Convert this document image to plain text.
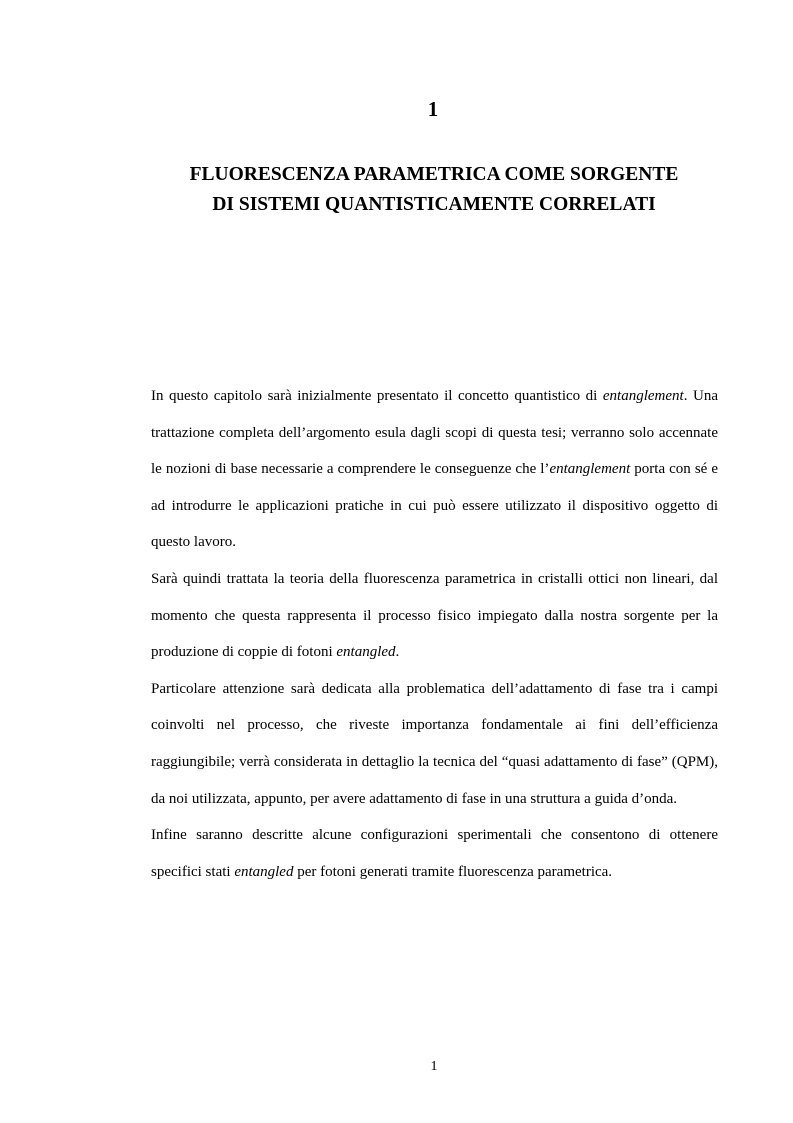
1
FLUORESCENZA PARAMETRICA COME SORGENTE
DI SISTEMI QUANTISTICAMENTE CORRELATI

In questo capitolo sarà inizialmente presentato il concetto quantistico di entanglement. Una trattazione completa dell’argomento esula dagli scopi di questa tesi; verranno solo accennate le nozioni di base necessarie a comprendere le conseguenze che l’entanglement porta con sé e ad introdurre le applicazioni pratiche in cui può essere utilizzato il dispositivo oggetto di questo lavoro.

Sarà quindi trattata la teoria della fluorescenza parametrica in cristalli ottici non lineari, dal momento che questa rappresenta il processo fisico impiegato dalla nostra sorgente per la produzione di coppie di fotoni entangled.

Particolare attenzione sarà dedicata alla problematica dell’adattamento di fase tra i campi coinvolti nel processo, che riveste importanza fondamentale ai fini dell’efficienza raggiungibile; verrà considerata in dettaglio la tecnica del “quasi adattamento di fase” (QPM), da noi utilizzata, appunto, per avere adattamento di fase in una struttura a guida d’onda.

Infine saranno descritte alcune configurazioni sperimentali che consentono di ottenere specifici stati entangled per fotoni generati tramite fluorescenza parametrica.

1
